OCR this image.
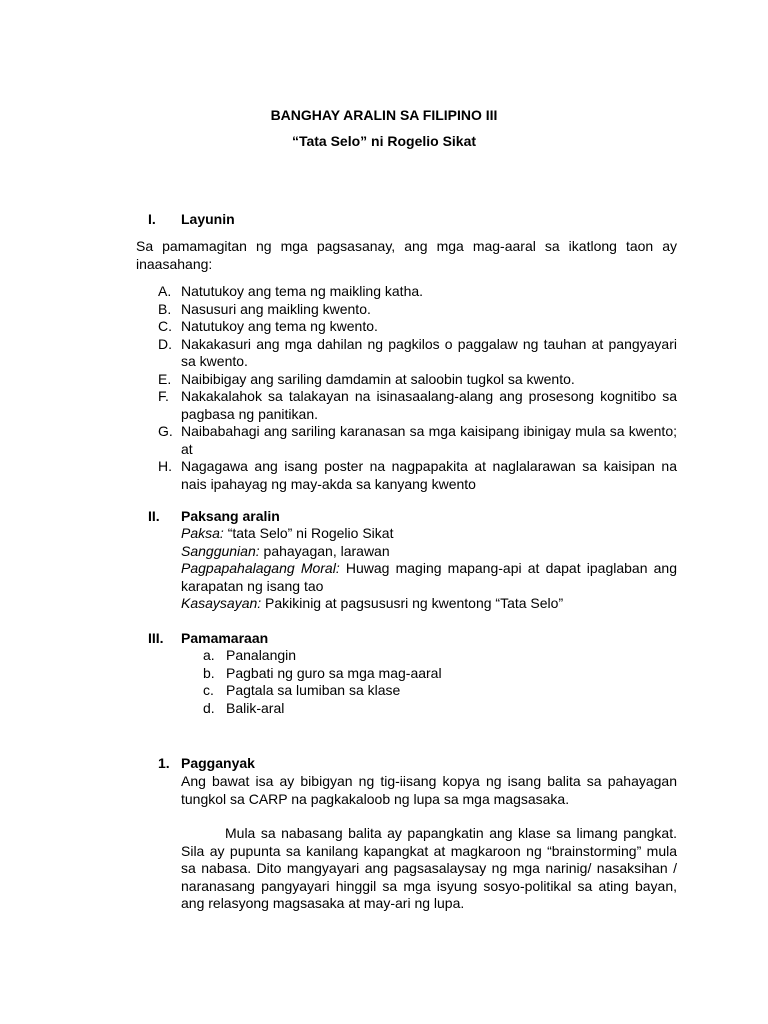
BANGHAY ARALIN SA FILIPINO III
“Tata Selo” ni Rogelio Sikat
I. Layunin
Sa pamamagitan ng mga pagsasanay, ang mga mag-aaral sa ikatlong taon ay inaasahang:
A. Natutukoy ang tema ng maikling katha.
B. Nasusuri ang maikling kwento.
C. Natutukoy ang tema ng kwento.
D. Nakakasuri ang mga dahilan ng pagkilos o paggalaw ng tauhan at pangyayari sa kwento.
E. Naibibigay ang sariling damdamin at saloobin tugkol sa kwento.
F. Nakakalahok sa talakayan na isinasaalang-alang ang prosesong kognitibo sa pagbasa ng panitikan.
G. Naibabahagi ang sariling karanasan sa mga kaisipang ibinigay mula sa kwento; at
H. Nagagawa ang isang poster na nagpapakita at naglalarawan sa kaisipan na nais ipahayag ng may-akda sa kanyang kwento
II. Paksang aralin

Paksa: “tata Selo” ni Rogelio Sikat

Sanggunian: pahayagan, larawan

Pagpapahalagang Moral: Huwag maging mapang-api at dapat ipaglaban ang karapatan ng isang tao

Kasaysayan: Pakikinig at pagsususri ng kwentong “Tata Selo”

III. Pamamaraan
a. Panalangin
b. Pagbati ng guro sa mga mag-aaral
c. Pagtala sa lumiban sa klase
d. Balik-aral
1. Pagganyak
Ang bawat isa ay bibigyan ng tig-iisang kopya ng isang balita sa pahayagan tungkol sa CARP na pagkakaloob ng lupa sa mga magsasaka.
Mula sa nabasang balita ay papangkatin ang klase sa limang pangkat. Sila ay pupunta sa kanilang kapangkat at magkaroon ng “brainstorming” mula sa nabasa. Dito mangyayari ang pagsasalaysay ng mga narinig/ nasaksihan / naranasang pangyayari hinggil sa mga isyung sosyo-politikal sa ating bayan, ang relasyong magsasaka at may-ari ng lupa.
